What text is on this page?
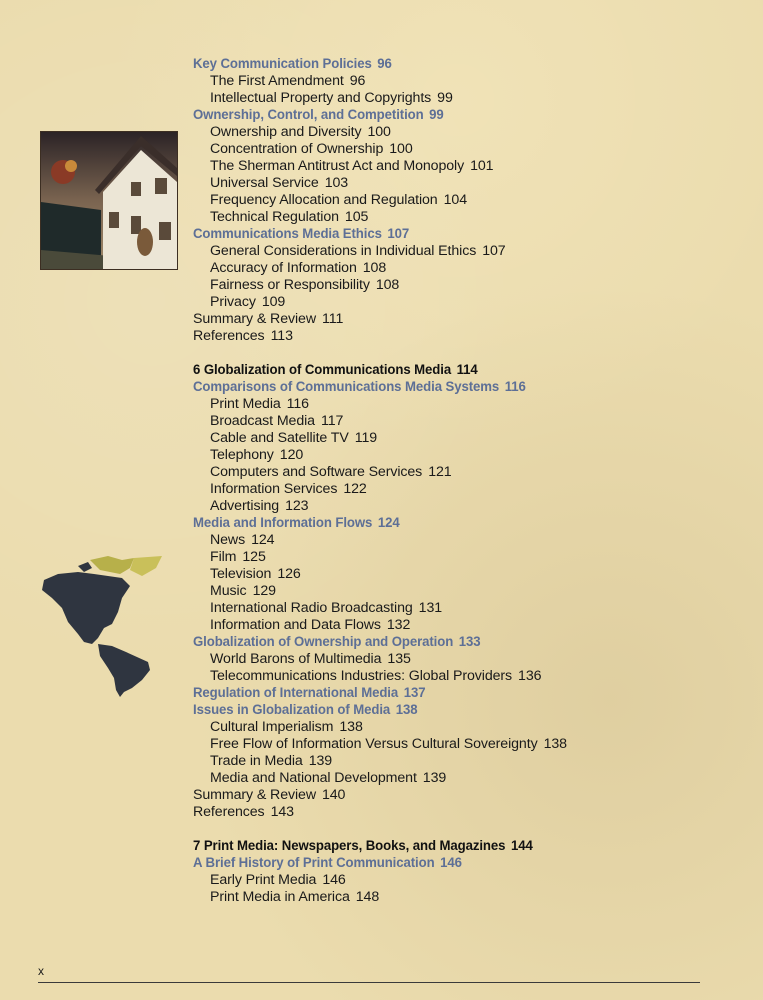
Key Communication Policies 96
The First Amendment 96
Intellectual Property and Copyrights 99
Ownership, Control, and Competition 99
Ownership and Diversity 100
Concentration of Ownership 100
The Sherman Antitrust Act and Monopoly 101
Universal Service 103
Frequency Allocation and Regulation 104
Technical Regulation 105
Communications Media Ethics 107
General Considerations in Individual Ethics 107
Accuracy of Information 108
Fairness or Responsibility 108
Privacy 109
Summary & Review 111
References 113
6 Globalization of Communications Media 114
Comparisons of Communications Media Systems 116
Print Media 116
Broadcast Media 117
Cable and Satellite TV 119
Telephony 120
Computers and Software Services 121
Information Services 122
Advertising 123
Media and Information Flows 124
News 124
Film 125
Television 126
Music 129
International Radio Broadcasting 131
Information and Data Flows 132
Globalization of Ownership and Operation 133
World Barons of Multimedia 135
Telecommunications Industries: Global Providers 136
Regulation of International Media 137
Issues in Globalization of Media 138
Cultural Imperialism 138
Free Flow of Information Versus Cultural Sovereignty 138
Trade in Media 139
Media and National Development 139
Summary & Review 140
References 143
7 Print Media: Newspapers, Books, and Magazines 144
A Brief History of Print Communication 146
Early Print Media 146
Print Media in America 148
x
